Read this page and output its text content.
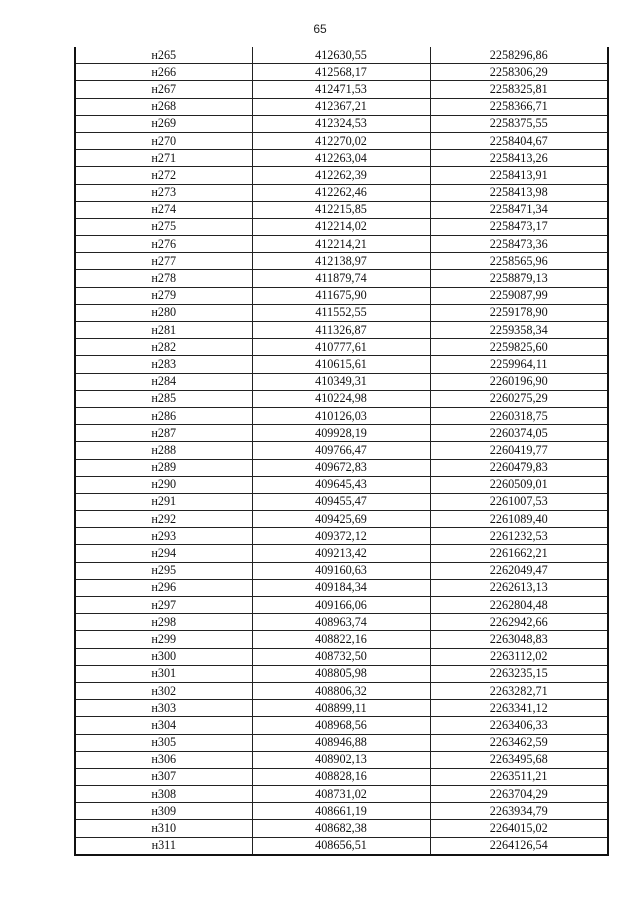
65
н265	412630,55	2258296,86
н266	412568,17	2258306,29
н267	412471,53	2258325,81
н268	412367,21	2258366,71
н269	412324,53	2258375,55
н270	412270,02	2258404,67
н271	412263,04	2258413,26
н272	412262,39	2258413,91
н273	412262,46	2258413,98
н274	412215,85	2258471,34
н275	412214,02	2258473,17
н276	412214,21	2258473,36
н277	412138,97	2258565,96
н278	411879,74	2258879,13
н279	411675,90	2259087,99
н280	411552,55	2259178,90
н281	411326,87	2259358,34
н282	410777,61	2259825,60
н283	410615,61	2259964,11
н284	410349,31	2260196,90
н285	410224,98	2260275,29
н286	410126,03	2260318,75
н287	409928,19	2260374,05
н288	409766,47	2260419,77
н289	409672,83	2260479,83
н290	409645,43	2260509,01
н291	409455,47	2261007,53
н292	409425,69	2261089,40
н293	409372,12	2261232,53
н294	409213,42	2261662,21
н295	409160,63	2262049,47
н296	409184,34	2262613,13
н297	409166,06	2262804,48
н298	408963,74	2262942,66
н299	408822,16	2263048,83
н300	408732,50	2263112,02
н301	408805,98	2263235,15
н302	408806,32	2263282,71
н303	408899,11	2263341,12
н304	408968,56	2263406,33
н305	408946,88	2263462,59
н306	408902,13	2263495,68
н307	408828,16	2263511,21
н308	408731,02	2263704,29
н309	408661,19	2263934,79
н310	408682,38	2264015,02
н311	408656,51	2264126,54
